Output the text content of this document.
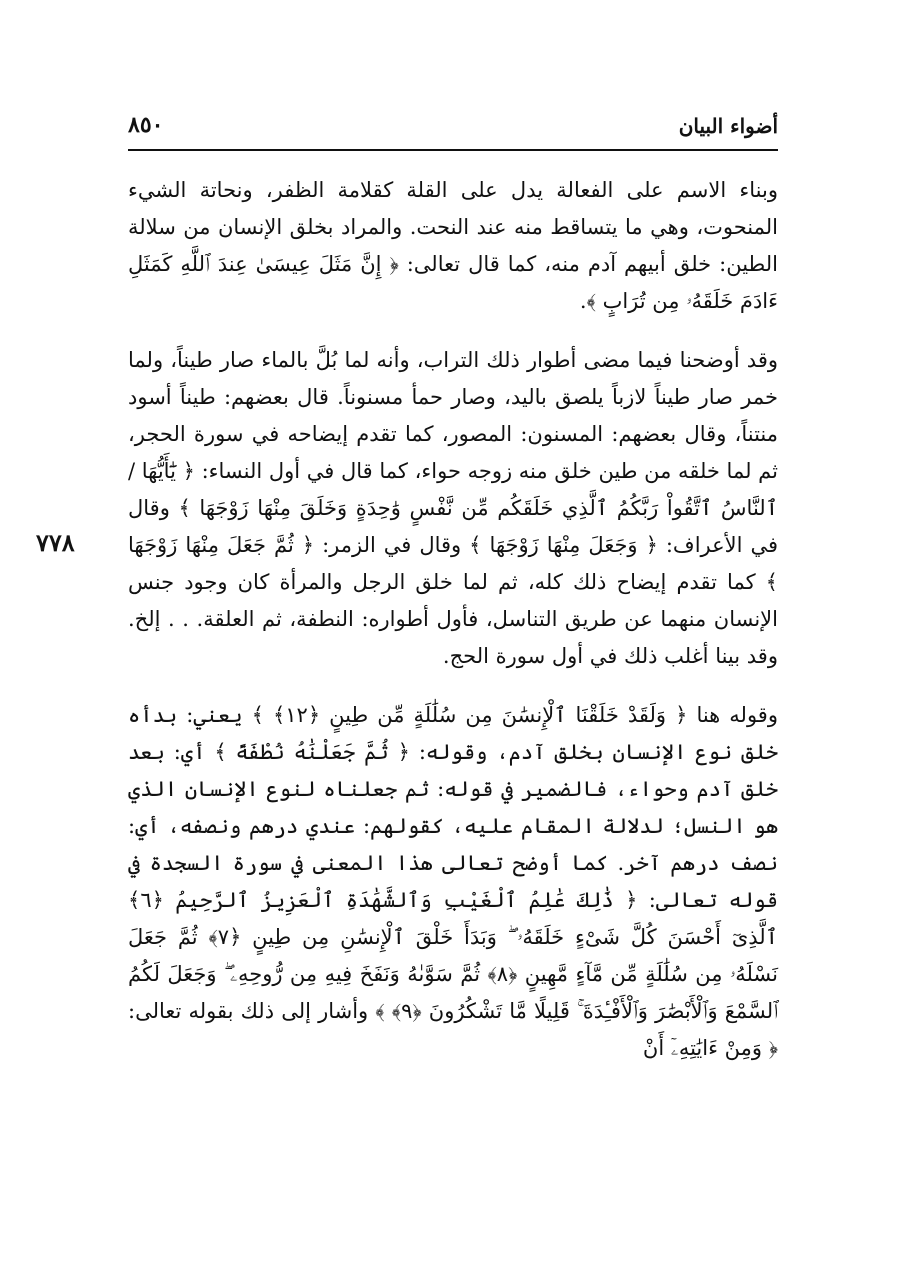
أضواء البيان
٨٥٠
٧٧٨

وبناء الاسم على الفعالة يدل على القلة كقلامة الظفر، ونحاتة الشيء المنحوت، وهي ما يتساقط منه عند النحت. والمراد بخلق الإنسان من سلالة الطين: خلق أبيهم آدم منه، كما قال تعالى: ﴿ إِنَّ مَثَلَ عِيسَىٰ عِندَ ٱللَّهِ كَمَثَلِ ءَادَمَ خَلَقَهُۥ مِن تُرَابٍ ﴾.

وقد أوضحنا فيما مضى أطوار ذلك التراب، وأنه لما بُلَّ بالماء صار طيناً، ولما خمر صار طيناً لازباً يلصق باليد، وصار حمأ مسنوناً. قال بعضهم: طيناً أسود منتناً، وقال بعضهم: المسنون: المصور، كما تقدم إيضاحه في سورة الحجر، ثم لما خلقه من طين خلق منه زوجه حواء، كما قال في أول النساء: ﴿ يَٰٓأَيُّهَا / ٱلنَّاسُ ٱتَّقُواْ رَبَّكُمُ ٱلَّذِي خَلَقَكُم مِّن نَّفْسٍ وَٰحِدَةٍ وَخَلَقَ مِنْهَا زَوْجَهَا ﴾ وقال في الأعراف: ﴿ وَجَعَلَ مِنْهَا زَوْجَهَا ﴾ وقال في الزمر: ﴿ ثُمَّ جَعَلَ مِنْهَا زَوْجَهَا ﴾ كما تقدم إيضاح ذلك كله، ثم لما خلق الرجل والمرأة كان وجود جنس الإنسان منهما عن طريق التناسل، فأول أطواره: النطفة، ثم العلقة. . . إلخ. وقد بينا أغلب ذلك في أول سورة الحج.

وقوله هنا ﴿ وَلَقَدْ خَلَقْنَا ٱلْإِنسَٰنَ مِن سُلَٰلَةٍ مِّن طِينٍ ﴿١٢﴾ ﴾ يعني: بدأه خلق نوع الإنسان بخلق آدم، وقوله: ﴿ ثُمَّ جَعَلْنَٰهُ نُطْفَةً ﴾ أي: بعد خلق آدم وحواء، فالضمير في قوله: ثم جعلناه لنوع الإنسان الذي هو النسل؛ لدلالة المقام عليه، كقولهم: عندي درهم ونصفه، أي: نصف درهم آخر. كما أوضح تعالى هذا المعنى في سورة السجدة في قوله تعالى: ﴿ ذَٰلِكَ عَٰلِمُ ٱلْغَيْبِ وَٱلشَّهَٰدَةِ ٱلْعَزِيزُ ٱلرَّحِيمُ ﴿٦﴾ ٱلَّذِىٓ أَحْسَنَ كُلَّ شَىْءٍ خَلَقَهُۥ ۖ وَبَدَأَ خَلْقَ ٱلْإِنسَٰنِ مِن طِينٍ ﴿٧﴾ ثُمَّ جَعَلَ نَسْلَهُۥ مِن سُلَٰلَةٍ مِّن مَّآءٍ مَّهِينٍ ﴿٨﴾ ثُمَّ سَوَّىٰهُ وَنَفَخَ فِيهِ مِن رُّوحِهِۦ ۖ وَجَعَلَ لَكُمُ ٱلسَّمْعَ وَٱلْأَبْصَٰرَ وَٱلْأَفْـِٔدَةَ ۚ قَلِيلًا مَّا تَشْكُرُونَ ﴿٩﴾ ﴾ وأشار إلى ذلك بقوله تعالى: ﴿ وَمِنْ ءَايَٰتِهِۦٓ أَنْ
